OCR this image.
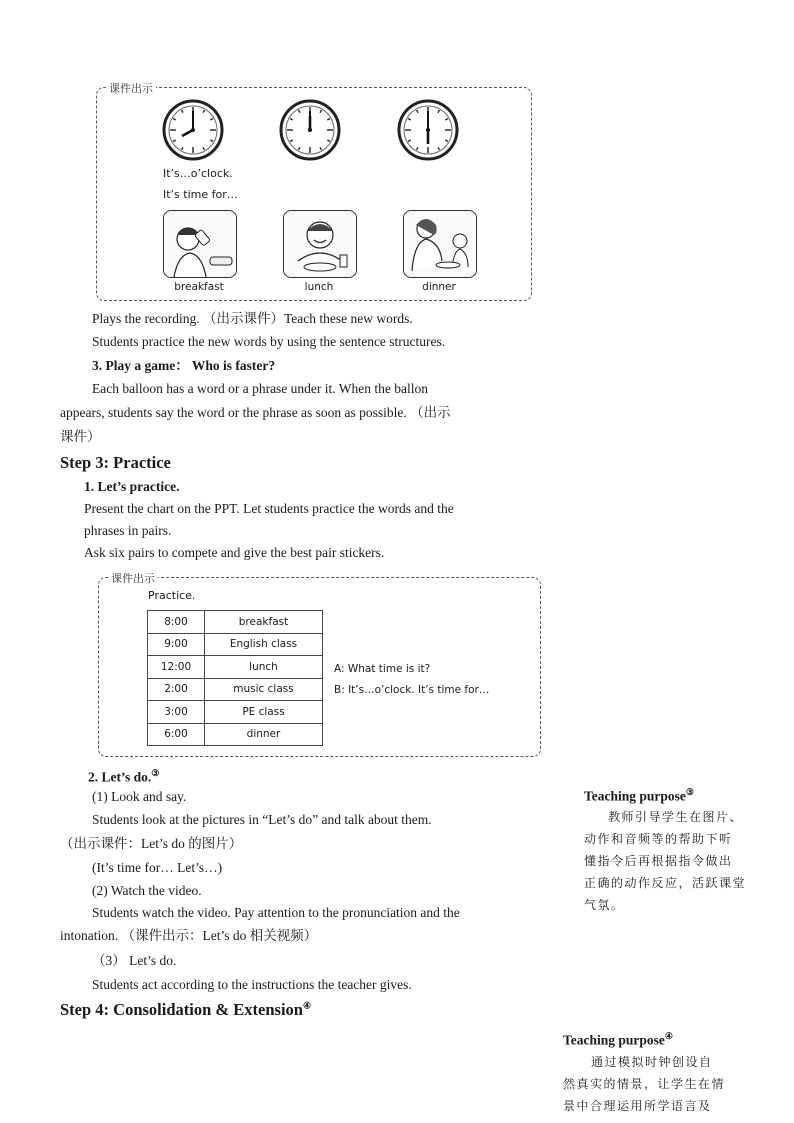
课件出示
It’s…o’clock.
It’s time for…
breakfast	lunch	dinner
Plays the recording. （出示课件）Teach these new words.
Students practice the new words by using the sentence structures.
3. Play a game： Who is faster?
Each balloon has a word or a phrase under it. When the ballon
appears, students say the word or the phrase as soon as possible. （出示
课件）
Step 3: Practice
1. Let’s practice.
Present the chart on the PPT. Let students practice the words and the
phrases in pairs.
Ask six pairs to compete and give the best pair stickers.
课件出示
Practice.
8:00	breakfast
9:00	English class
12:00	lunch
2:00	music class
3:00	PE class
6:00	dinner
A: What time is it?
B: It’s…o’clock. It’s time for…
2. Let’s do.③
(1) Look and say.
Students look at the pictures in “Let’s do” and talk about them.
（出示课件：Let’s do 的图片）
(It’s time for… Let’s…)
(2) Watch the video.
Students watch the video. Pay attention to the pronunciation and the
intonation. （课件出示：Let’s do 相关视频）
（3） Let’s do.
Students act according to the instructions the teacher gives.
Step 4: Consolidation & Extension④
Teaching purpose③
教师引导学生在图片、
动作和音频等的帮助下听
懂指令后再根据指令做出
正确的动作反应，活跃课堂
气氛。
Teaching purpose④
通过模拟时钟创设自
然真实的情景，让学生在情
景中合理运用所学语言及
